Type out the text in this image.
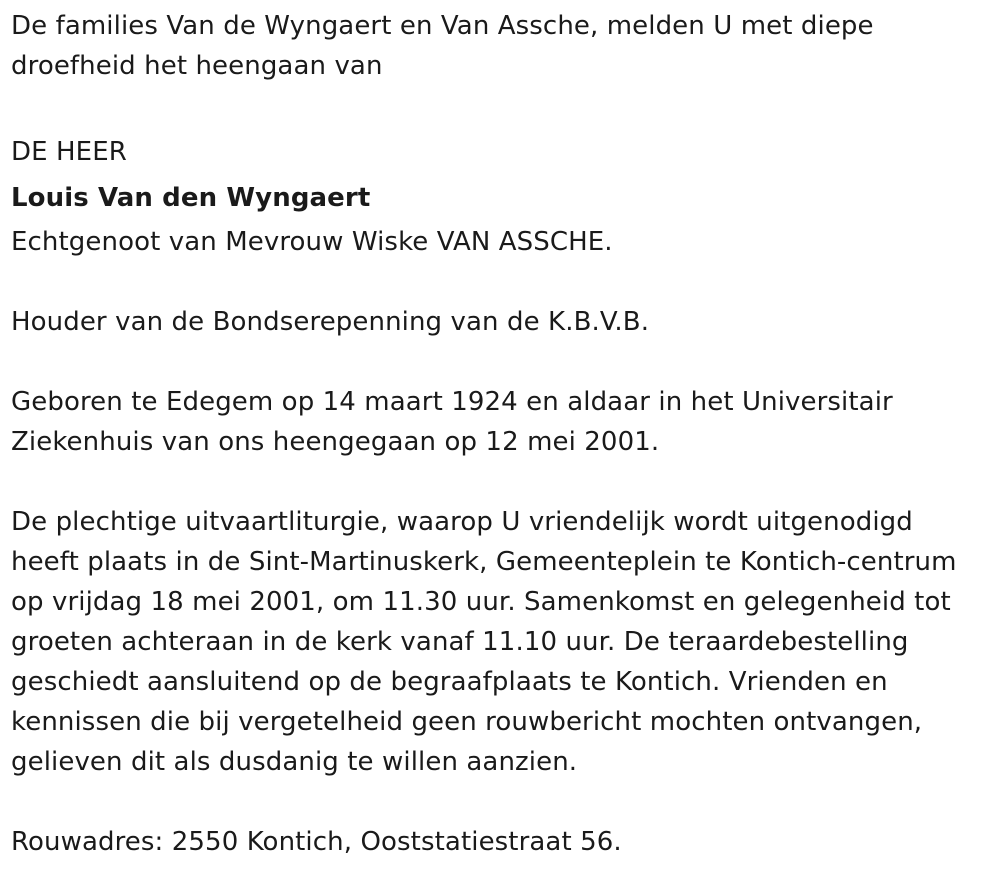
De families Van de Wyngaert en Van Assche, melden U met diepe
droefheid het heengaan van
DE HEER
Louis Van den Wyngaert
Echtgenoot van Mevrouw Wiske VAN ASSCHE.
Houder van de Bondserepenning van de K.B.V.B.
Geboren te Edegem op 14 maart 1924 en aldaar in het Universitair
Ziekenhuis van ons heengegaan op 12 mei 2001.
De plechtige uitvaartliturgie, waarop U vriendelijk wordt uitgenodigd
heeft plaats in de Sint-Martinuskerk, Gemeenteplein te Kontich-centrum
op vrijdag 18 mei 2001, om 11.30 uur. Samenkomst en gelegenheid tot
groeten achteraan in de kerk vanaf 11.10 uur. De teraardebestelling
geschiedt aansluitend op de begraafplaats te Kontich. Vrienden en
kennissen die bij vergetelheid geen rouwbericht mochten ontvangen,
gelieven dit als dusdanig te willen aanzien.
Rouwadres: 2550 Kontich, Ooststatiestraat 56.
